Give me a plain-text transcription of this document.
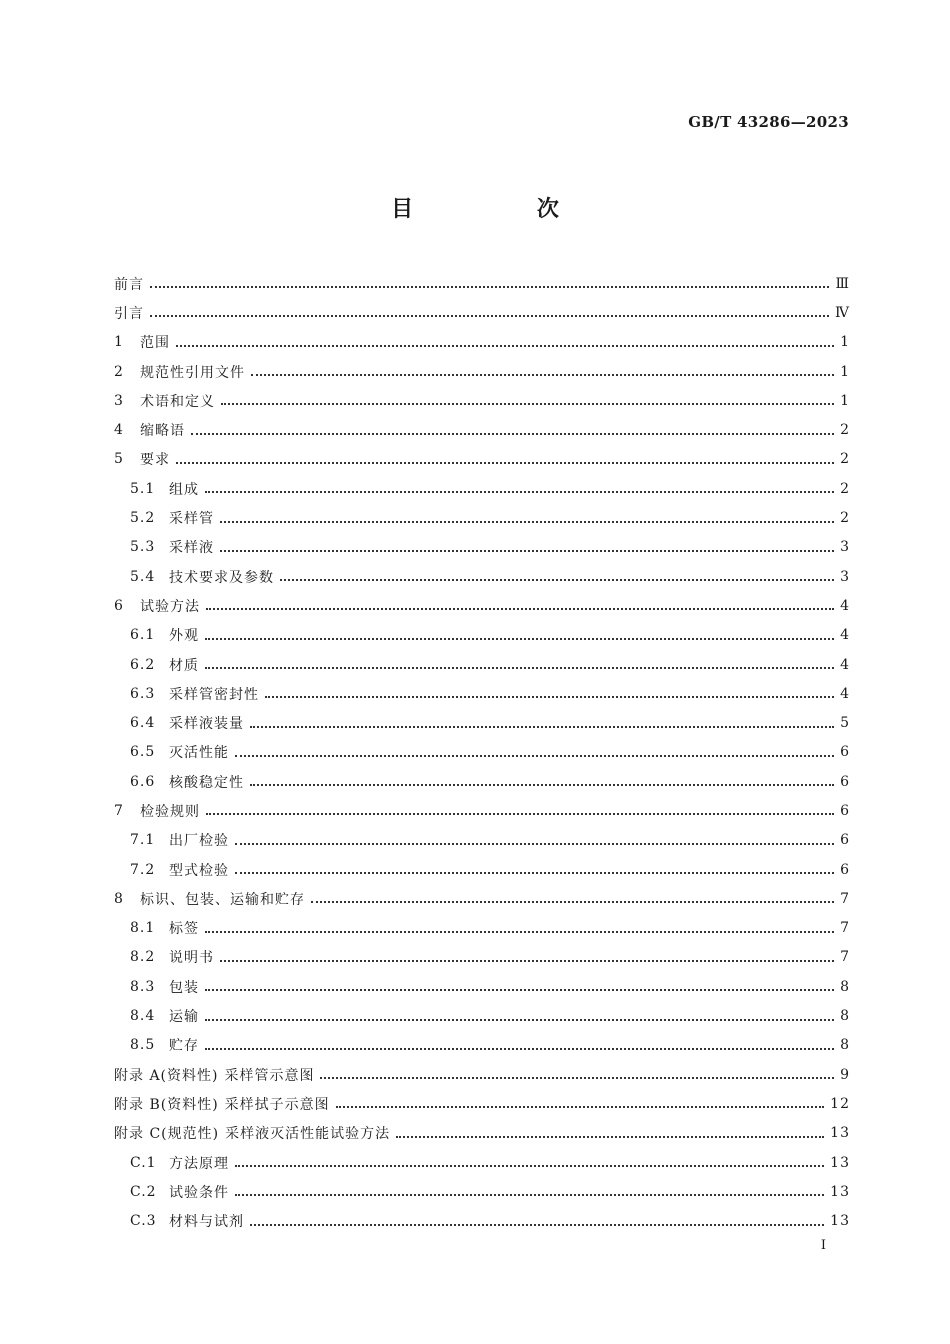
GB/T 43286—2023
目 次
前言	Ⅲ
引言	Ⅳ
1	范围	1
2	规范性引用文件	1
3	术语和定义	1
4	缩略语	2
5	要求	2
5.1 组成	2
5.2 采样管	2
5.3 采样液	3
5.4 技术要求及参数	3
6	试验方法	4
6.1 外观	4
6.2 材质	4
6.3 采样管密封性	4
6.4 采样液装量	5
6.5 灭活性能	6
6.6 核酸稳定性	6
7	检验规则	6
7.1 出厂检验	6
7.2 型式检验	6
8	标识、包装、运输和贮存	7
8.1 标签	7
8.2 说明书	7
8.3 包装	8
8.4 运输	8
8.5 贮存	8
附录 A(资料性) 采样管示意图	9
附录 B(资料性) 采样拭子示意图	12
附录 C(规范性) 采样液灭活性能试验方法	13
C.1 方法原理	13
C.2 试验条件	13
C.3 材料与试剂	13
I
